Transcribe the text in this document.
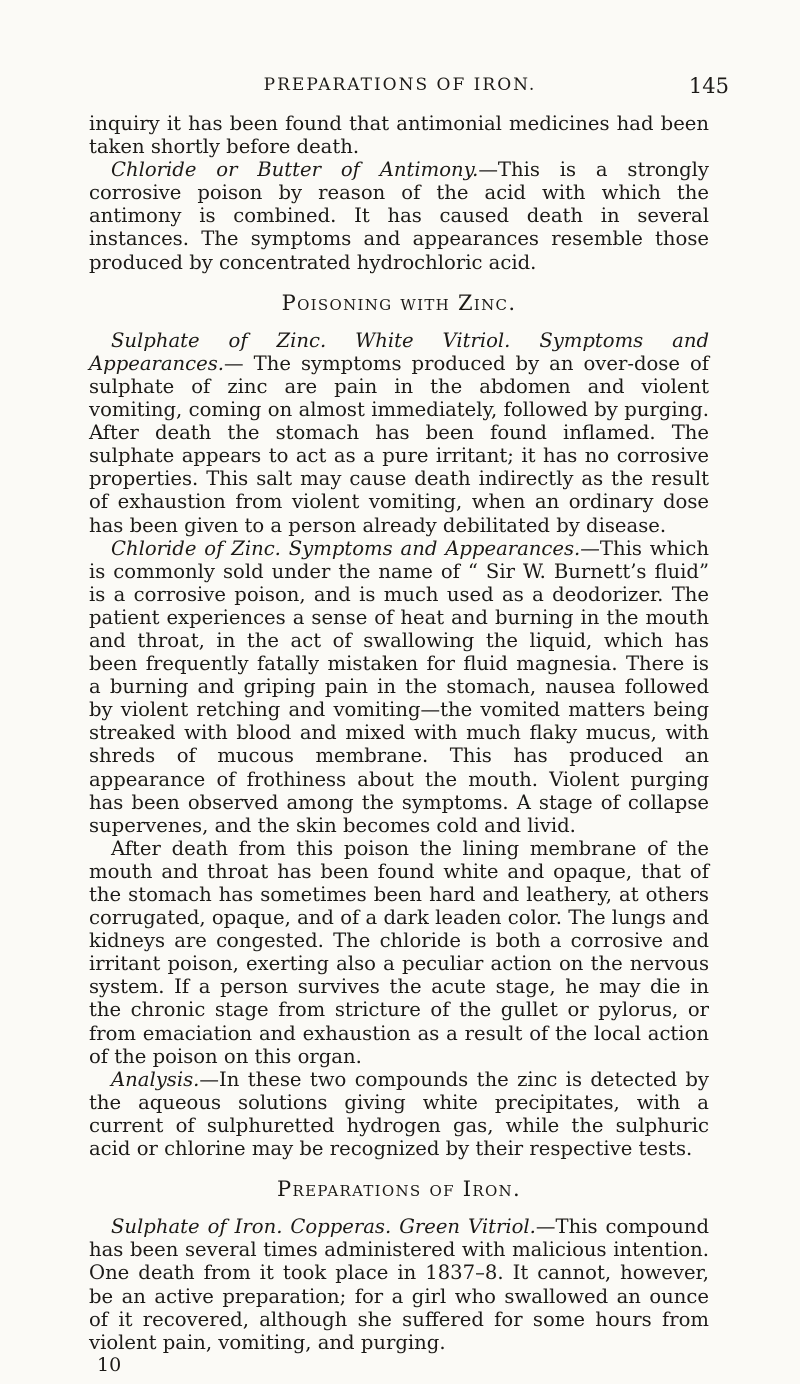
PREPARATIONS OF IRON.	145

inquiry it has been found that antimonial medicines had been taken shortly before death.

Chloride or Butter of Antimony.—This is a strongly corrosive poison by reason of the acid with which the antimony is combined. It has caused death in several instances. The symptoms and appearances resemble those produced by concentrated hydrochloric acid.

Poisoning with Zinc.

Sulphate of Zinc. White Vitriol. Symptoms and Appearances.— The symptoms produced by an over-dose of sulphate of zinc are pain in the abdomen and violent vomiting, coming on almost immediately, followed by purging. After death the stomach has been found inflamed. The sulphate appears to act as a pure irritant; it has no corrosive properties. This salt may cause death indirectly as the result of exhaustion from violent vomiting, when an ordinary dose has been given to a person already debilitated by disease.

Chloride of Zinc. Symptoms and Appearances.—This which is commonly sold under the name of “ Sir W. Burnett’s fluid” is a corrosive poison, and is much used as a deodorizer. The patient experiences a sense of heat and burning in the mouth and throat, in the act of swallowing the liquid, which has been frequently fatally mistaken for fluid magnesia. There is a burning and griping pain in the stomach, nausea followed by violent retching and vomiting—the vomited matters being streaked with blood and mixed with much flaky mucus, with shreds of mucous membrane. This has produced an appearance of frothiness about the mouth. Violent purging has been observed among the symptoms. A stage of collapse supervenes, and the skin becomes cold and livid.

After death from this poison the lining membrane of the mouth and throat has been found white and opaque, that of the stomach has sometimes been hard and leathery, at others corrugated, opaque, and of a dark leaden color. The lungs and kidneys are congested. The chloride is both a corrosive and irritant poison, exerting also a peculiar action on the nervous system. If a person survives the acute stage, he may die in the chronic stage from stricture of the gullet or pylorus, or from emaciation and exhaustion as a result of the local action of the poison on this organ.

Analysis.—In these two compounds the zinc is detected by the aqueous solutions giving white precipitates, with a current of sulphuretted hydrogen gas, while the sulphuric acid or chlorine may be recognized by their respective tests.

Preparations of Iron.

Sulphate of Iron. Copperas. Green Vitriol.—This compound has been several times administered with malicious intention. One death from it took place in 1837–8. It cannot, however, be an active preparation; for a girl who swallowed an ounce of it recovered, although she suffered for some hours from violent pain, vomiting, and purging.

10
